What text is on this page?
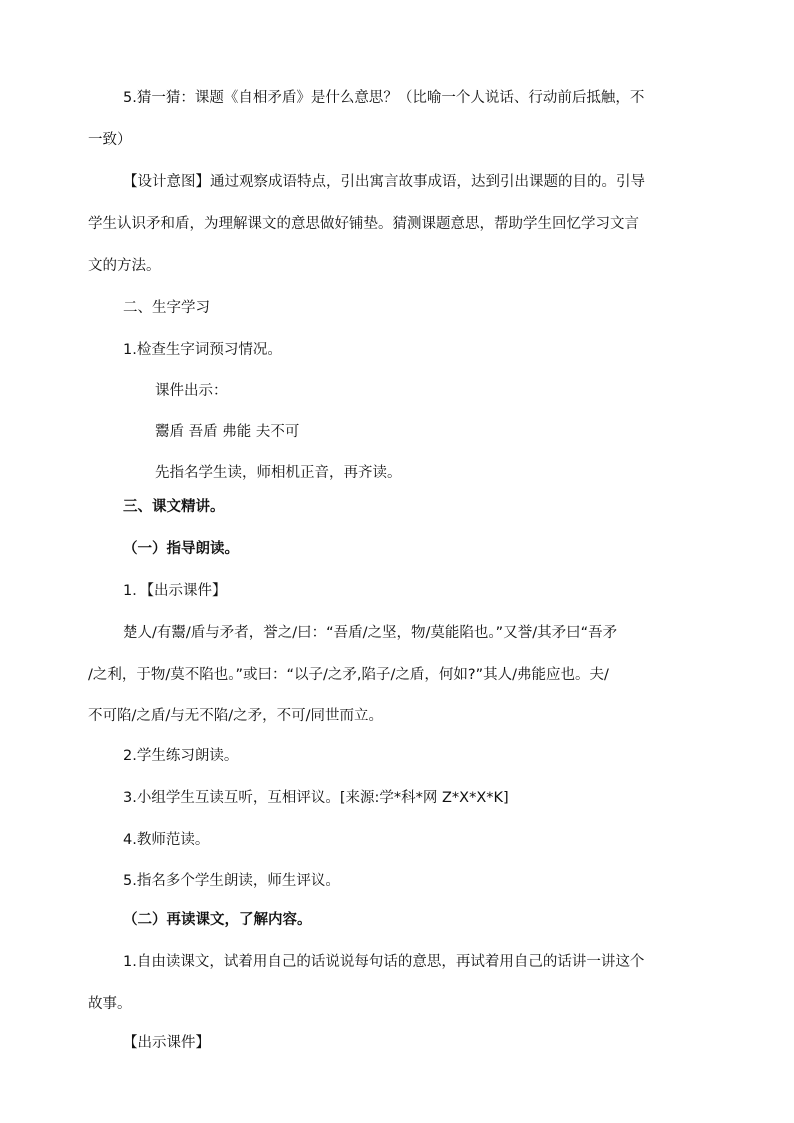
5.猜一猜：课题《自相矛盾》是什么意思？（比喻一个人说话、行动前后抵触，不
一致）
【设计意图】通过观察成语特点，引出寓言故事成语，达到引出课题的目的。引导
学生认识矛和盾，为理解课文的意思做好铺垫。猜测课题意思，帮助学生回忆学习文言
文的方法。
二、生字学习
1.检查生字词预习情况。
课件出示：
鬻盾 吾盾 弗能 夫不可
先指名学生读，师相机正音，再齐读。
三、课文精讲。
（一）指导朗读。
1．【出示课件】
楚人/有鬻/盾与矛者，誉之/曰：“吾盾/之坚，物/莫能陷也。”又誉/其矛曰“吾矛
/之利，于物/莫不陷也。”或曰：“以子/之矛,陷子/之盾，何如?”其人/弗能应也。夫/
不可陷/之盾/与无不陷/之矛，不可/同世而立。
2.学生练习朗读。
3.小组学生互读互听，互相评议。[来源:学*科*网 Z*X*X*K]
4.教师范读。
5.指名多个学生朗读，师生评议。
（二）再读课文，了解内容。
1.自由读课文，试着用自己的话说说每句话的意思，再试着用自己的话讲一讲这个
故事。
【出示课件】
